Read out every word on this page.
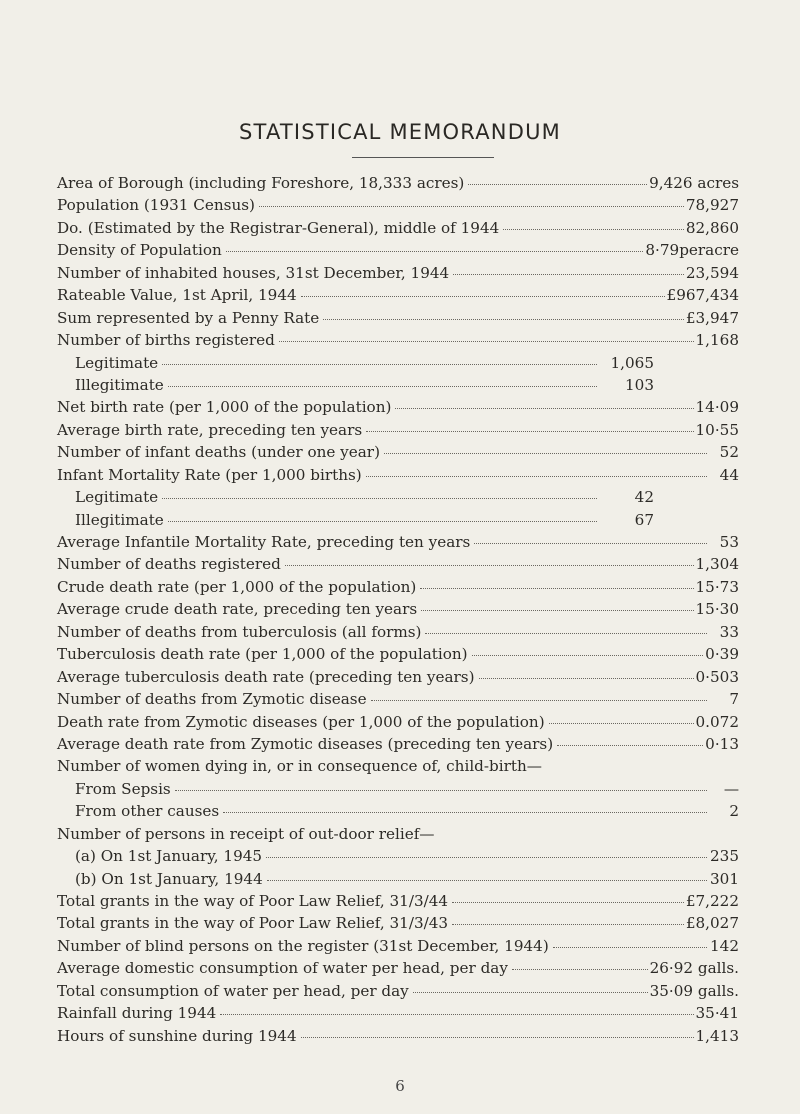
STATISTICAL MEMORANDUM
Area of Borough (including Foreshore, 18,333 acres)	9,426 acres
Population (1931 Census)	78,927
Do. (Estimated by the Registrar-General), middle of 1944	82,860
Density of Population	8·79peracre
Number of inhabited houses, 31st December, 1944	23,594
Rateable Value, 1st April, 1944	£967,434
Sum represented by a Penny Rate	£3,947
Number of births registered	1,168
Legitimate	1,065
Illegitimate	103
Net birth rate (per 1,000 of the population)	14·09
Average birth rate, preceding ten years	10·55
Number of infant deaths (under one year)	52
Infant Mortality Rate (per 1,000 births)	44
Legitimate	42
Illegitimate	67
Average Infantile Mortality Rate, preceding ten years	53
Number of deaths registered	1,304
Crude death rate (per 1,000 of the population)	15·73
Average crude death rate, preceding ten years	15·30
Number of deaths from tuberculosis (all forms)	33
Tuberculosis death rate (per 1,000 of the population)	0·39
Average tuberculosis death rate (preceding ten years)	0·503
Number of deaths from Zymotic disease	7
Death rate from Zymotic diseases (per 1,000 of the population)	0.072
Average death rate from Zymotic diseases (preceding ten years)	0·13
Number of women dying in, or in consequence of, child-birth—
From Sepsis	—
From other causes	2
Number of persons in receipt of out-door relief—
(a) On 1st January, 1945	235
(b) On 1st January, 1944	301
Total grants in the way of Poor Law Relief, 31/3/44	£7,222
Total grants in the way of Poor Law Relief, 31/3/43	£8,027
Number of blind persons on the register (31st December, 1944)	142
Average domestic consumption of water per head, per day	26·92 galls.
Total consumption of water per head, per day	35·09 galls.
Rainfall during 1944	35·41
Hours of sunshine during 1944	1,413
6
